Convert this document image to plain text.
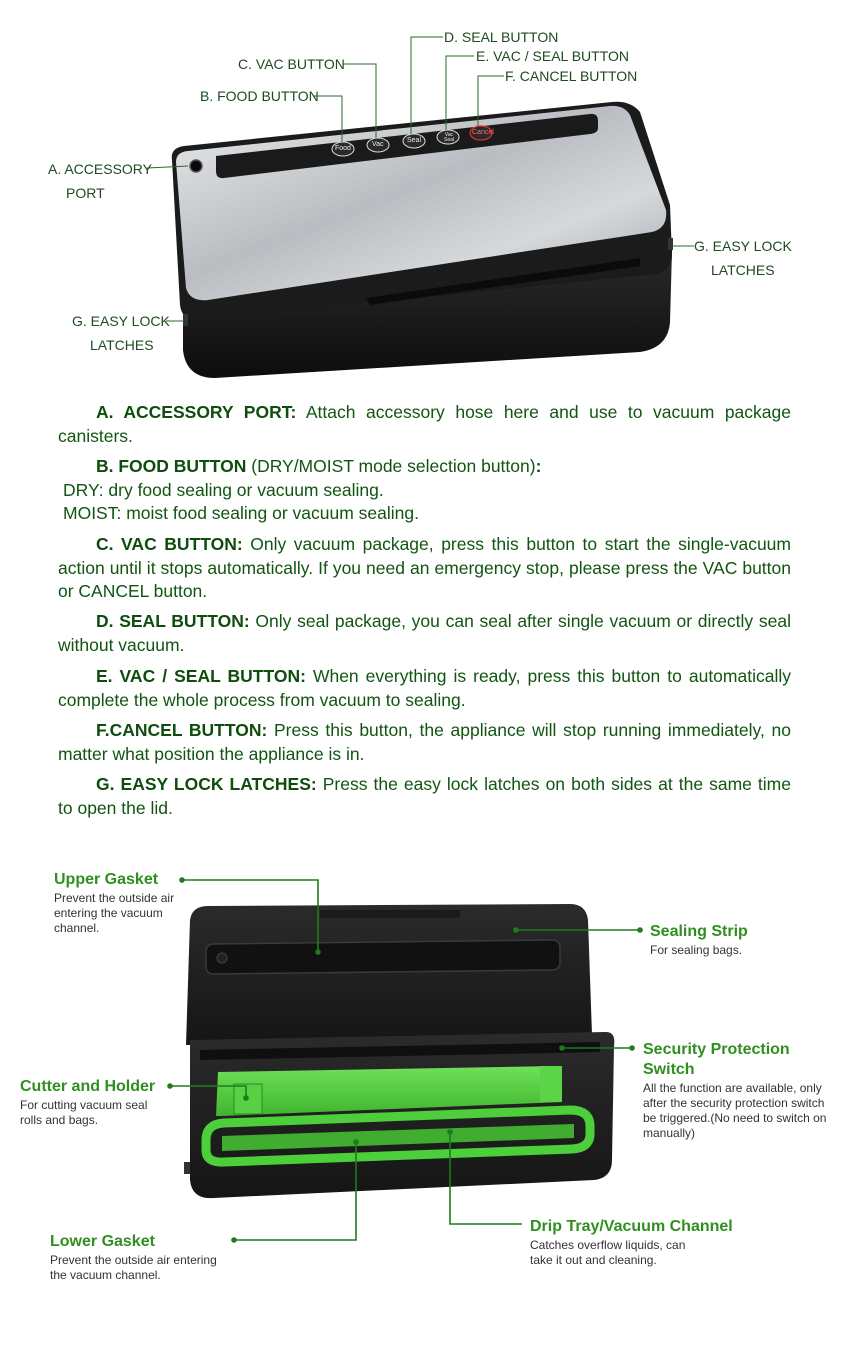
Food
Vac
Seal
Vac Seal
Cancel
A. ACCESSORY
PORT
B. FOOD BUTTON
C. VAC BUTTON
D. SEAL BUTTON
E. VAC / SEAL BUTTON
F. CANCEL BUTTON
G. EASY LOCK
LATCHES
G. EASY LOCK
LATCHES
A. ACCESSORY PORT: Attach accessory hose here and use to vacuum package canisters.
B. FOOD BUTTON (DRY/MOIST mode selection button):
DRY: dry food sealing or vacuum sealing.
MOIST: moist food sealing or vacuum sealing.
C. VAC BUTTON: Only vacuum package, press this button to start the single-vacuum action until it stops automatically. If you need an emergency stop, please press the VAC button or CANCEL button.
D. SEAL BUTTON: Only seal package, you can seal after single vacuum or directly seal without vacuum.
E. VAC / SEAL BUTTON: When everything is ready, press this button to automatically complete the whole process from vacuum to sealing.
F.CANCEL BUTTON: Press this button, the appliance will stop running immediately, no matter what position the appliance is in.
G. EASY LOCK LATCHES: Press the easy lock latches on both sides at the same time to open the lid.
Upper Gasket
Prevent the outside air entering the vacuum channel.	Sealing Strip
For sealing bags.
Security Protection
Switch
All the function are available, only after the security protection switch be triggered.(No need to switch on manually)
Cutter and Holder
For cutting vacuum seal rolls and bags.
Lower Gasket
Prevent the outside air entering the vacuum channel.
Drip Tray/Vacuum Channel
Catches overflow liquids, can take it out and cleaning.
